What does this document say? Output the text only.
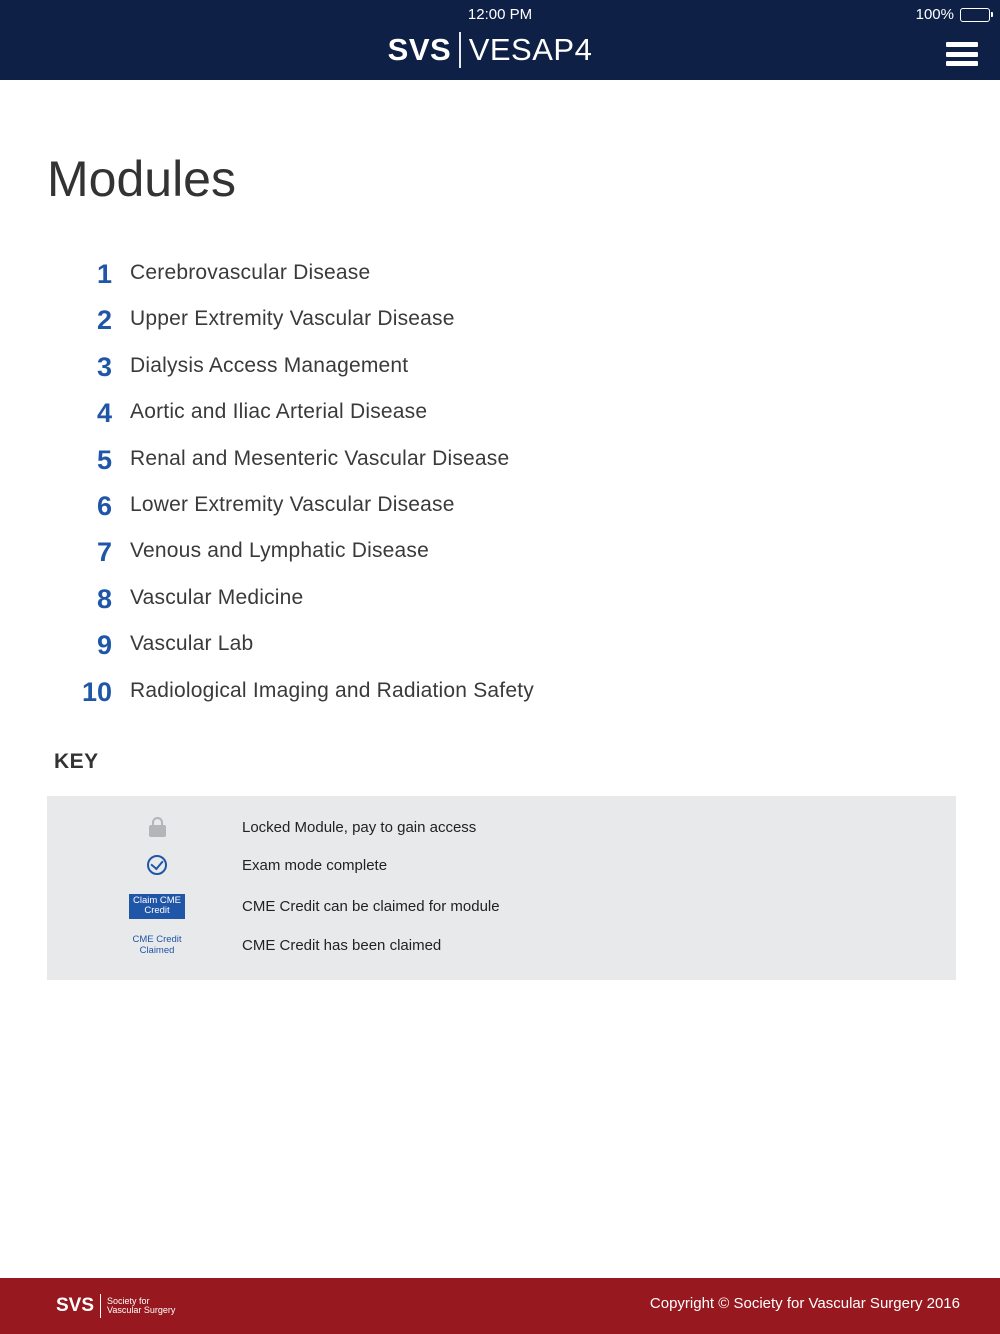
12:00 PM	100%
SVS VESAP4
Modules
1 Cerebrovascular Disease
2 Upper Extremity Vascular Disease
3 Dialysis Access Management
4 Aortic and Iliac Arterial Disease
5 Renal and Mesenteric Vascular Disease
6 Lower Extremity Vascular Disease
7 Venous and Lymphatic Disease
8 Vascular Medicine
9 Vascular Lab
10 Radiological Imaging and Radiation Safety
KEY
Locked Module, pay to gain access
Exam mode complete
Claim CME Credit	CME Credit can be claimed for module
CME Credit Claimed	CME Credit has been claimed
SVS Society for Vascular Surgery	Copyright © Society for Vascular Surgery 2016
